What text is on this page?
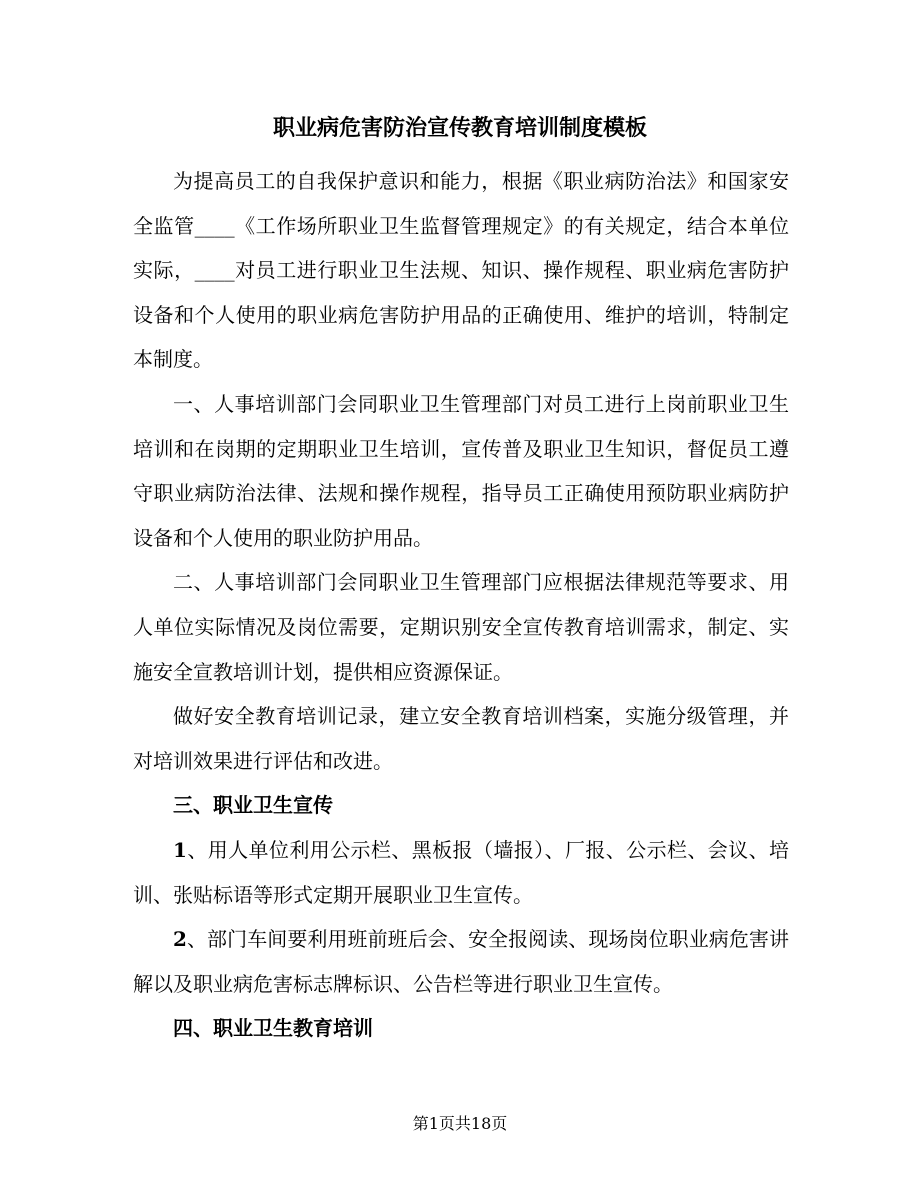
职业病危害防治宣传教育培训制度模板

为提高员工的自我保护意识和能力，根据《职业病防治法》和国家安全监管____《工作场所职业卫生监督管理规定》的有关规定，结合本单位实际，____对员工进行职业卫生法规、知识、操作规程、职业病危害防护设备和个人使用的职业病危害防护用品的正确使用、维护的培训，特制定本制度。

一、人事培训部门会同职业卫生管理部门对员工进行上岗前职业卫生培训和在岗期的定期职业卫生培训，宣传普及职业卫生知识，督促员工遵守职业病防治法律、法规和操作规程，指导员工正确使用预防职业病防护设备和个人使用的职业防护用品。

二、人事培训部门会同职业卫生管理部门应根据法律规范等要求、用人单位实际情况及岗位需要，定期识别安全宣传教育培训需求，制定、实施安全宣教培训计划，提供相应资源保证。

做好安全教育培训记录，建立安全教育培训档案，实施分级管理，并对培训效果进行评估和改进。

三、职业卫生宣传

1、用人单位利用公示栏、黑板报（墙报）、厂报、公示栏、会议、培训、张贴标语等形式定期开展职业卫生宣传。

2、部门车间要利用班前班后会、安全报阅读、现场岗位职业病危害讲解以及职业病危害标志牌标识、公告栏等进行职业卫生宣传。

四、职业卫生教育培训

第1页共18页
